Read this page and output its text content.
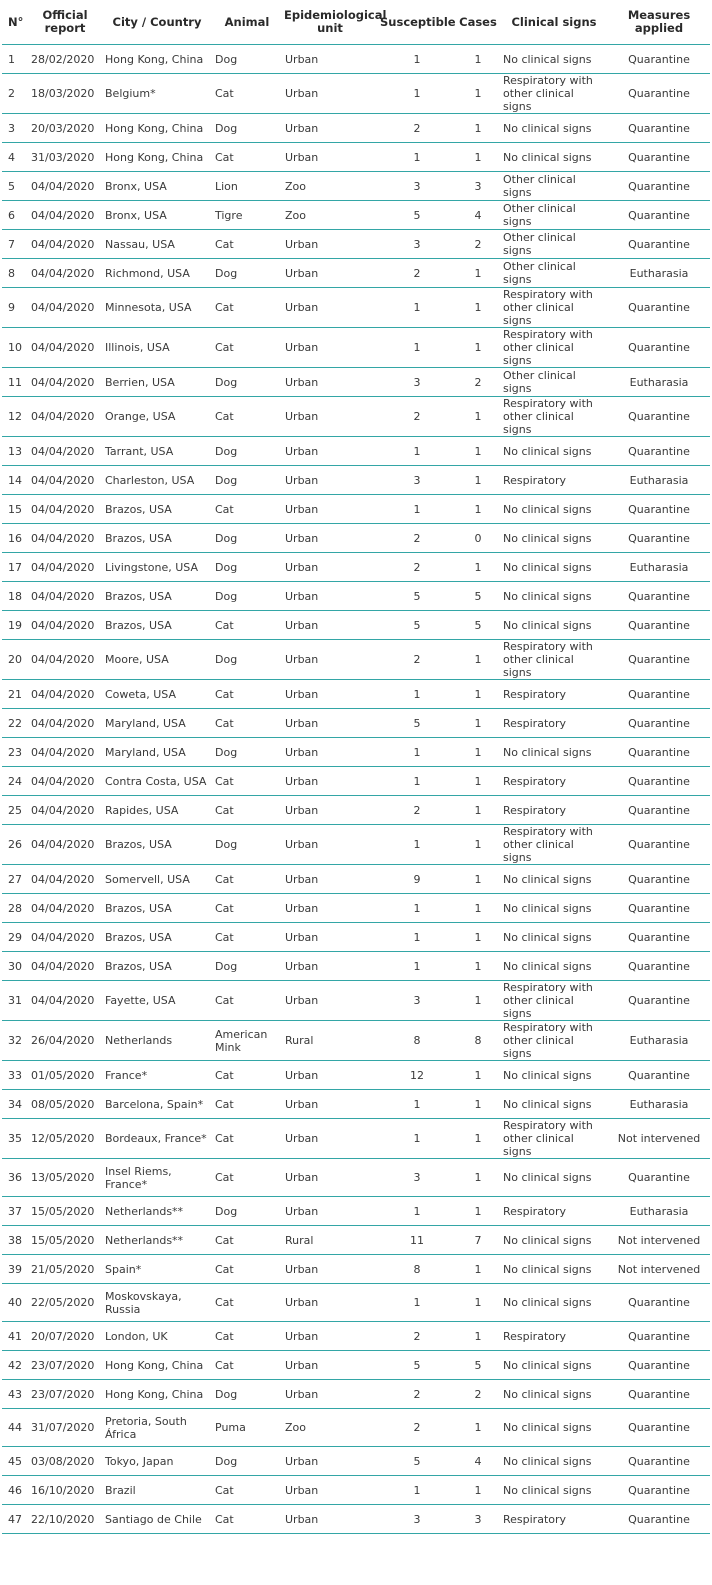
N°	Official report	City / Country	Animal	Epidemiological unit	Susceptible	Cases	Clinical signs	Measures applied
1	28/02/2020	Hong Kong, China	Dog	Urban	1	1	No clinical signs	Quarantine
2	18/03/2020	Belgium*	Cat	Urban	1	1	Respiratory with other clinical signs	Quarantine
3	20/03/2020	Hong Kong, China	Dog	Urban	2	1	No clinical signs	Quarantine
4	31/03/2020	Hong Kong, China	Cat	Urban	1	1	No clinical signs	Quarantine
5	04/04/2020	Bronx, USA	Lion	Zoo	3	3	Other clinical signs	Quarantine
6	04/04/2020	Bronx, USA	Tigre	Zoo	5	4	Other clinical signs	Quarantine
7	04/04/2020	Nassau, USA	Cat	Urban	3	2	Other clinical signs	Quarantine
8	04/04/2020	Richmond, USA	Dog	Urban	2	1	Other clinical signs	Eutharasia
9	04/04/2020	Minnesota, USA	Cat	Urban	1	1	Respiratory with other clinical signs	Quarantine
10	04/04/2020	Illinois, USA	Cat	Urban	1	1	Respiratory with other clinical signs	Quarantine
11	04/04/2020	Berrien, USA	Dog	Urban	3	2	Other clinical signs	Eutharasia
12	04/04/2020	Orange, USA	Cat	Urban	2	1	Respiratory with other clinical signs	Quarantine
13	04/04/2020	Tarrant, USA	Dog	Urban	1	1	No clinical signs	Quarantine
14	04/04/2020	Charleston, USA	Dog	Urban	3	1	Respiratory	Eutharasia
15	04/04/2020	Brazos, USA	Cat	Urban	1	1	No clinical signs	Quarantine
16	04/04/2020	Brazos, USA	Dog	Urban	2	0	No clinical signs	Quarantine
17	04/04/2020	Livingstone, USA	Dog	Urban	2	1	No clinical signs	Eutharasia
18	04/04/2020	Brazos, USA	Dog	Urban	5	5	No clinical signs	Quarantine
19	04/04/2020	Brazos, USA	Cat	Urban	5	5	No clinical signs	Quarantine
20	04/04/2020	Moore, USA	Dog	Urban	2	1	Respiratory with other clinical signs	Quarantine
21	04/04/2020	Coweta, USA	Cat	Urban	1	1	Respiratory	Quarantine
22	04/04/2020	Maryland, USA	Cat	Urban	5	1	Respiratory	Quarantine
23	04/04/2020	Maryland, USA	Dog	Urban	1	1	No clinical signs	Quarantine
24	04/04/2020	Contra Costa, USA	Cat	Urban	1	1	Respiratory	Quarantine
25	04/04/2020	Rapides, USA	Cat	Urban	2	1	Respiratory	Quarantine
26	04/04/2020	Brazos, USA	Dog	Urban	1	1	Respiratory with other clinical signs	Quarantine
27	04/04/2020	Somervell, USA	Cat	Urban	9	1	No clinical signs	Quarantine
28	04/04/2020	Brazos, USA	Cat	Urban	1	1	No clinical signs	Quarantine
29	04/04/2020	Brazos, USA	Cat	Urban	1	1	No clinical signs	Quarantine
30	04/04/2020	Brazos, USA	Dog	Urban	1	1	No clinical signs	Quarantine
31	04/04/2020	Fayette, USA	Cat	Urban	3	1	Respiratory with other clinical signs	Quarantine
32	26/04/2020	Netherlands	American Mink	Rural	8	8	Respiratory with other clinical signs	Eutharasia
33	01/05/2020	France*	Cat	Urban	12	1	No clinical signs	Quarantine
34	08/05/2020	Barcelona, Spain*	Cat	Urban	1	1	No clinical signs	Eutharasia
35	12/05/2020	Bordeaux, France*	Cat	Urban	1	1	Respiratory with other clinical signs	Not intervened
36	13/05/2020	Insel Riems, France*	Cat	Urban	3	1	No clinical signs	Quarantine
37	15/05/2020	Netherlands**	Dog	Urban	1	1	Respiratory	Eutharasia
38	15/05/2020	Netherlands**	Cat	Rural	11	7	No clinical signs	Not intervened
39	21/05/2020	Spain*	Cat	Urban	8	1	No clinical signs	Not intervened
40	22/05/2020	Moskovskaya, Russia	Cat	Urban	1	1	No clinical signs	Quarantine
41	20/07/2020	London, UK	Cat	Urban	2	1	Respiratory	Quarantine
42	23/07/2020	Hong Kong, China	Cat	Urban	5	5	No clinical signs	Quarantine
43	23/07/2020	Hong Kong, China	Dog	Urban	2	2	No clinical signs	Quarantine
44	31/07/2020	Pretoria, South África	Puma	Zoo	2	1	No clinical signs	Quarantine
45	03/08/2020	Tokyo, Japan	Dog	Urban	5	4	No clinical signs	Quarantine
46	16/10/2020	Brazil	Cat	Urban	1	1	No clinical signs	Quarantine
47	22/10/2020	Santiago de Chile	Cat	Urban	3	3	Respiratory	Quarantine
